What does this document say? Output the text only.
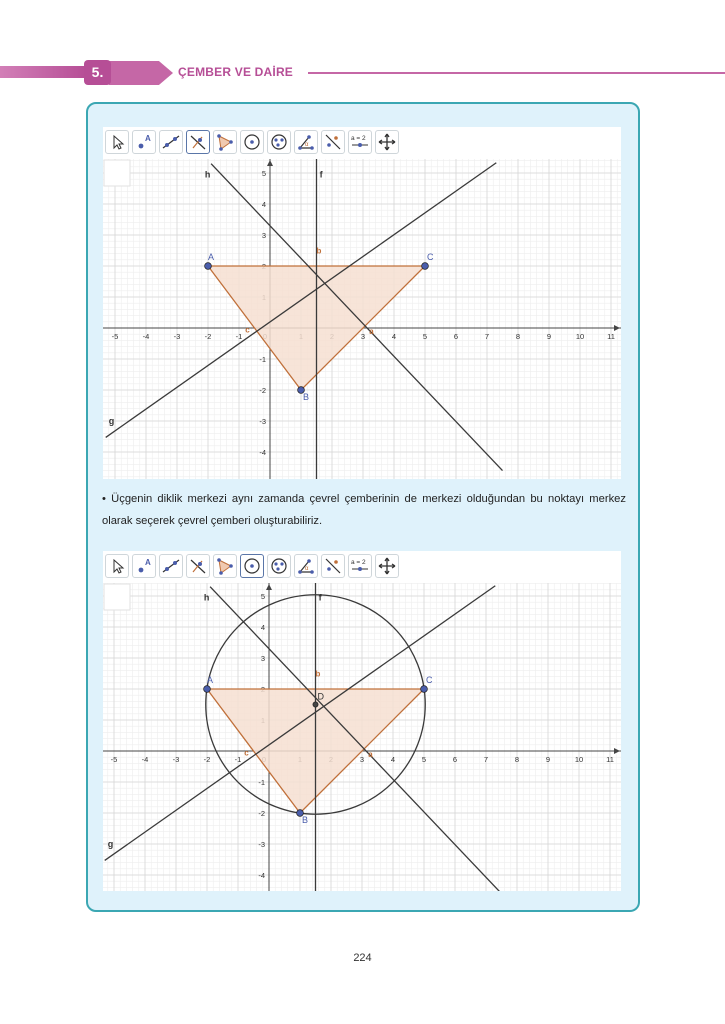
5.	ÇEMBER VE DAİRE
A
α
a = 2
-5	-4	-3	-2	-1	3	4	5	6	7	8	9	10	11
5
4
3
-1
-2
-3
-4
h	f
g
b
a
c
A
B
C

• Üçgenin diklik merkezi aynı zamanda çevrel çemberinin de merkezi olduğundan bu noktayı merkez olarak seçerek çevrel çemberi oluşturabiliriz.

A
α
a = 2
-5	-4	-3	-2	-1	3	4	5	6	7	8	9	10	11
5
4
3
-1
-2
-3
-4
h	f
g
b
a
c
A
B
C
D
224
